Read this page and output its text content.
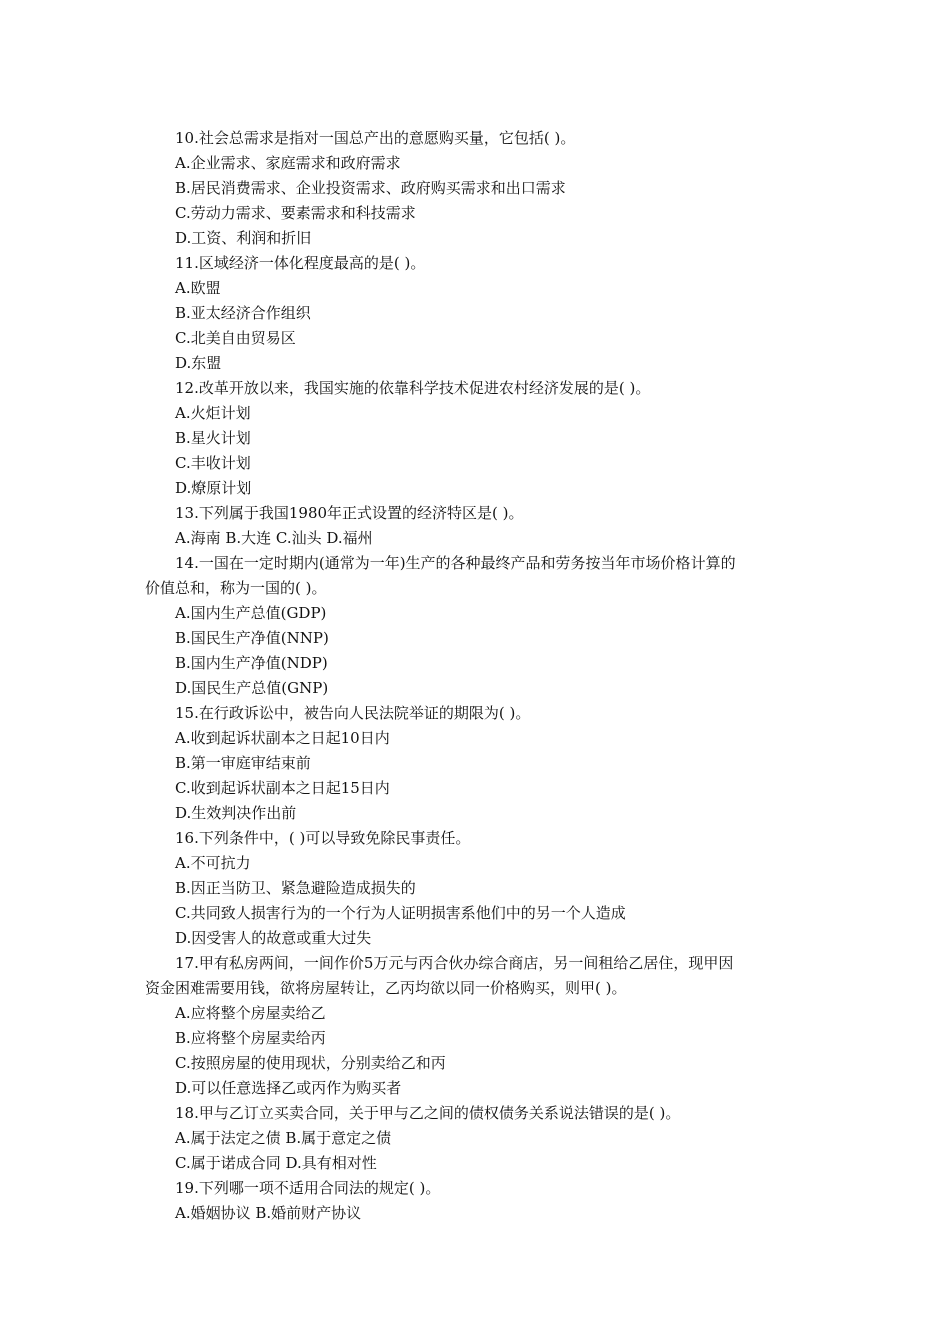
10.社会总需求是指对一国总产出的意愿购买量，它包括( )。
A.企业需求、家庭需求和政府需求
B.居民消费需求、企业投资需求、政府购买需求和出口需求
C.劳动力需求、要素需求和科技需求
D.工资、利润和折旧
11.区域经济一体化程度最高的是( )。
A.欧盟
B.亚太经济合作组织
C.北美自由贸易区
D.东盟
12.改革开放以来，我国实施的依靠科学技术促进农村经济发展的是( )。
A.火炬计划
B.星火计划
C.丰收计划
D.燎原计划
13.下列属于我国1980年正式设置的经济特区是( )。
A.海南 B.大连 C.汕头 D.福州
14.一国在一定时期内(通常为一年)生产的各种最终产品和劳务按当年市场价格计算的
价值总和，称为一国的( )。
A.国内生产总值(GDP)
B.国民生产净值(NNP)
B.国内生产净值(NDP)
D.国民生产总值(GNP)
15.在行政诉讼中，被告向人民法院举证的期限为( )。
A.收到起诉状副本之日起10日内
B.第一审庭审结束前
C.收到起诉状副本之日起15日内
D.生效判决作出前
16.下列条件中，( )可以导致免除民事责任。
A.不可抗力
B.因正当防卫、紧急避险造成损失的
C.共同致人损害行为的一个行为人证明损害系他们中的另一个人造成
D.因受害人的故意或重大过失
17.甲有私房两间，一间作价5万元与丙合伙办综合商店，另一间租给乙居住，现甲因
资金困难需要用钱，欲将房屋转让，乙丙均欲以同一价格购买，则甲( )。
A.应将整个房屋卖给乙
B.应将整个房屋卖给丙
C.按照房屋的使用现状，分别卖给乙和丙
D.可以任意选择乙或丙作为购买者
18.甲与乙订立买卖合同，关于甲与乙之间的债权债务关系说法错误的是( )。
A.属于法定之债 B.属于意定之债
C.属于诺成合同 D.具有相对性
19.下列哪一项不适用合同法的规定( )。
A.婚姻协议 B.婚前财产协议
